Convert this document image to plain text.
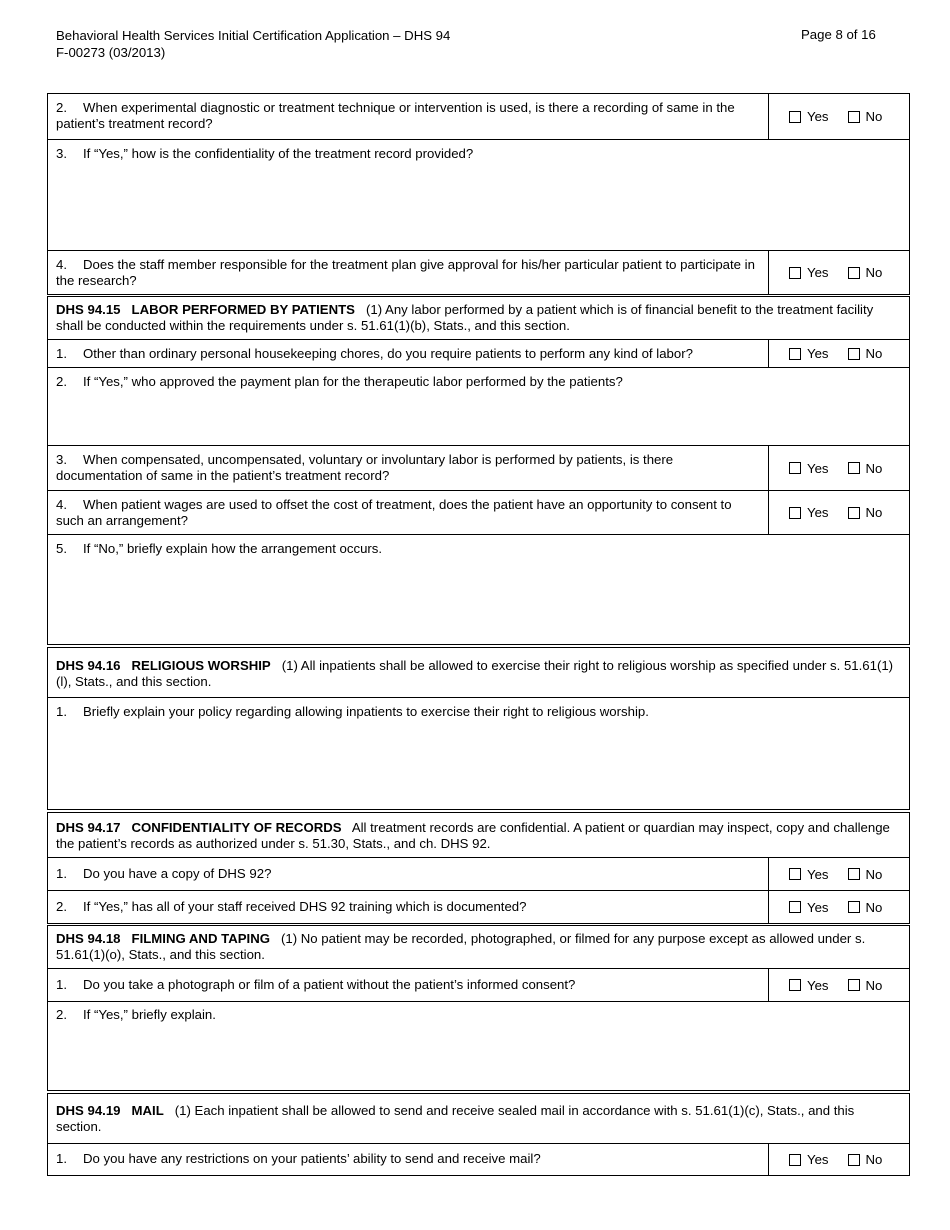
Behavioral Health Services Initial Certification Application – DHS 94
F-00273 (03/2013)
Page 8 of 16
2. When experimental diagnostic or treatment technique or intervention is used, is there a recording of same in the patient’s treatment record?	Yes No

3. If “Yes,” how is the confidentiality of the treatment record provided?	

4. Does the staff member responsible for the treatment plan give approval for his/her particular patient to participate in the research?	Yes No

DHS 94.15 LABOR PERFORMED BY PATIENTS (1) Any labor performed by a patient which is of financial benefit to the treatment facility shall be conducted within the requirements under s. 51.61(1)(b), Stats., and this section.	

1. Other than ordinary personal housekeeping chores, do you require patients to perform any kind of labor?	Yes No

2. If “Yes,” who approved the payment plan for the therapeutic labor performed by the patients?	

3. When compensated, uncompensated, voluntary or involuntary labor is performed by patients, is there documentation of same in the patient’s treatment record?	Yes No

4. When patient wages are used to offset the cost of treatment, does the patient have an opportunity to consent to such an arrangement?	Yes No

5. If “No,” briefly explain how the arrangement occurs.	

DHS 94.16 RELIGIOUS WORSHIP (1) All inpatients shall be allowed to exercise their right to religious worship as specified under s. 51.61(1)(l), Stats., and this section.	

1. Briefly explain your policy regarding allowing inpatients to exercise their right to religious worship.	

DHS 94.17 CONFIDENTIALITY OF RECORDS All treatment records are confidential. A patient or quardian may inspect, copy and challenge the patient’s records as authorized under s. 51.30, Stats., and ch. DHS 92.	

1. Do you have a copy of DHS 92?	Yes No

2. If “Yes,” has all of your staff received DHS 92 training which is documented?	Yes No

DHS 94.18 FILMING AND TAPING (1) No patient may be recorded, photographed, or filmed for any purpose except as allowed under s. 51.61(1)(o), Stats., and this section.	

1. Do you take a photograph or film of a patient without the patient’s informed consent?	Yes No

2. If “Yes,” briefly explain.	

DHS 94.19 MAIL (1) Each inpatient shall be allowed to send and receive sealed mail in accordance with s. 51.61(1)(c), Stats., and this section.	

1. Do you have any restrictions on your patients’ ability to send and receive mail?	Yes No
